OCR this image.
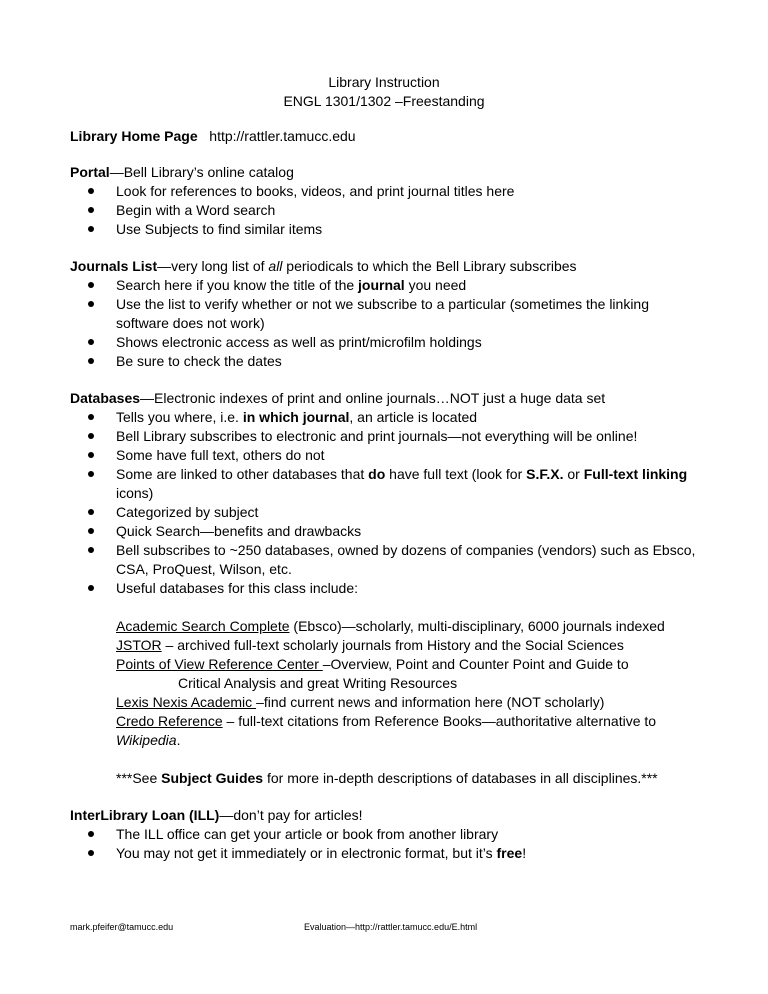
Library Instruction
ENGL 1301/1302 –Freestanding
Library Home Page http://rattler.tamucc.edu
Portal—Bell Library’s online catalog
Look for references to books, videos, and print journal titles here
Begin with a Word search
Use Subjects to find similar items
Journals List—very long list of all periodicals to which the Bell Library subscribes
Search here if you know the title of the journal you need
Use the list to verify whether or not we subscribe to a particular (sometimes the linking
software does not work)
Shows electronic access as well as print/microfilm holdings
Be sure to check the dates
Databases—Electronic indexes of print and online journals…NOT just a huge data set
Tells you where, i.e. in which journal, an article is located
Bell Library subscribes to electronic and print journals—not everything will be online!
Some have full text, others do not
Some are linked to other databases that do have full text (look for S.F.X. or Full-text linking
icons)
Categorized by subject
Quick Search—benefits and drawbacks
Bell subscribes to ~250 databases, owned by dozens of companies (vendors) such as Ebsco,
CSA, ProQuest, Wilson, etc.
Useful databases for this class include:
Academic Search Complete (Ebsco)—scholarly, multi-disciplinary, 6000 journals indexed
JSTOR – archived full-text scholarly journals from History and the Social Sciences
Points of View Reference Center –Overview, Point and Counter Point and Guide to
Critical Analysis and great Writing Resources
Lexis Nexis Academic –find current news and information here (NOT scholarly)
Credo Reference – full-text citations from Reference Books—authoritative alternative to
Wikipedia.
***See Subject Guides for more in-depth descriptions of databases in all disciplines.***
InterLibrary Loan (ILL)—don’t pay for articles!
The ILL office can get your article or book from another library
You may not get it immediately or in electronic format, but it’s free!
mark.pfeifer@tamucc.edu	Evaluation—http://rattler.tamucc.edu/E.html
